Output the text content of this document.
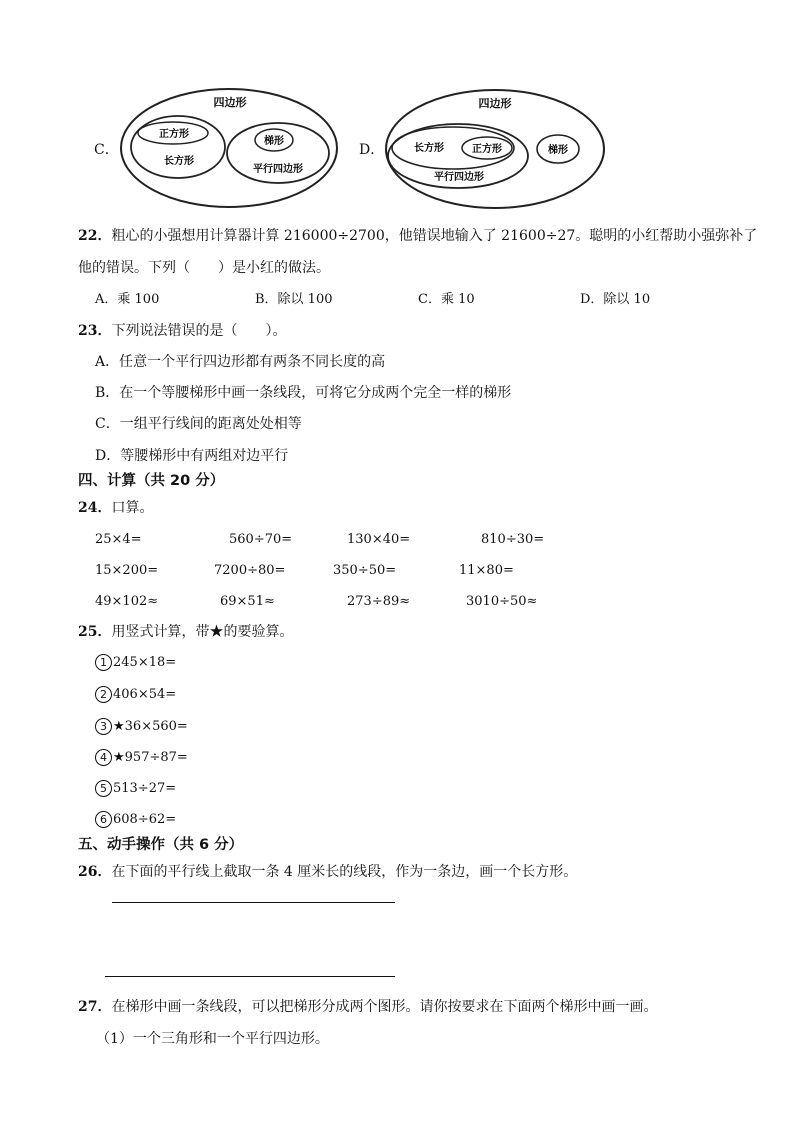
C．
四边形
正方形
长方形
梯形
平行四边形
D．
四边形
长方形	正方形
平行四边形
梯形
22．粗心的小强想用计算器计算 216000÷2700，他错误地输入了 21600÷27。聪明的小红帮助小强弥补了
他的错误。下列（　　）是小红的做法。
A．乘 100	B．除以 100	C．乘 10	D．除以 10
23．下列说法错误的是（　　）。
A．任意一个平行四边形都有两条不同长度的高
B．在一个等腰梯形中画一条线段，可将它分成两个完全一样的梯形
C．一组平行线间的距离处处相等
D．等腰梯形中有两组对边平行
四、计算（共 20 分）
24．口算。
25×4=	560÷70=	130×40=	810÷30=
15×200=	7200÷80=	350÷50=	11×80=
49×102≈	69×51≈	273÷89≈	3010÷50≈
25．用竖式计算，带★的要验算。
1 245×18=
2 406×54=
3 ★36×560=
4 ★957÷87=
5 513÷27=
6 608÷62=
五、动手操作（共 6 分）
26．在下面的平行线上截取一条 4 厘米长的线段，作为一条边，画一个长方形。
27．在梯形中画一条线段，可以把梯形分成两个图形。请你按要求在下面两个梯形中画一画。
（1）一个三角形和一个平行四边形。
